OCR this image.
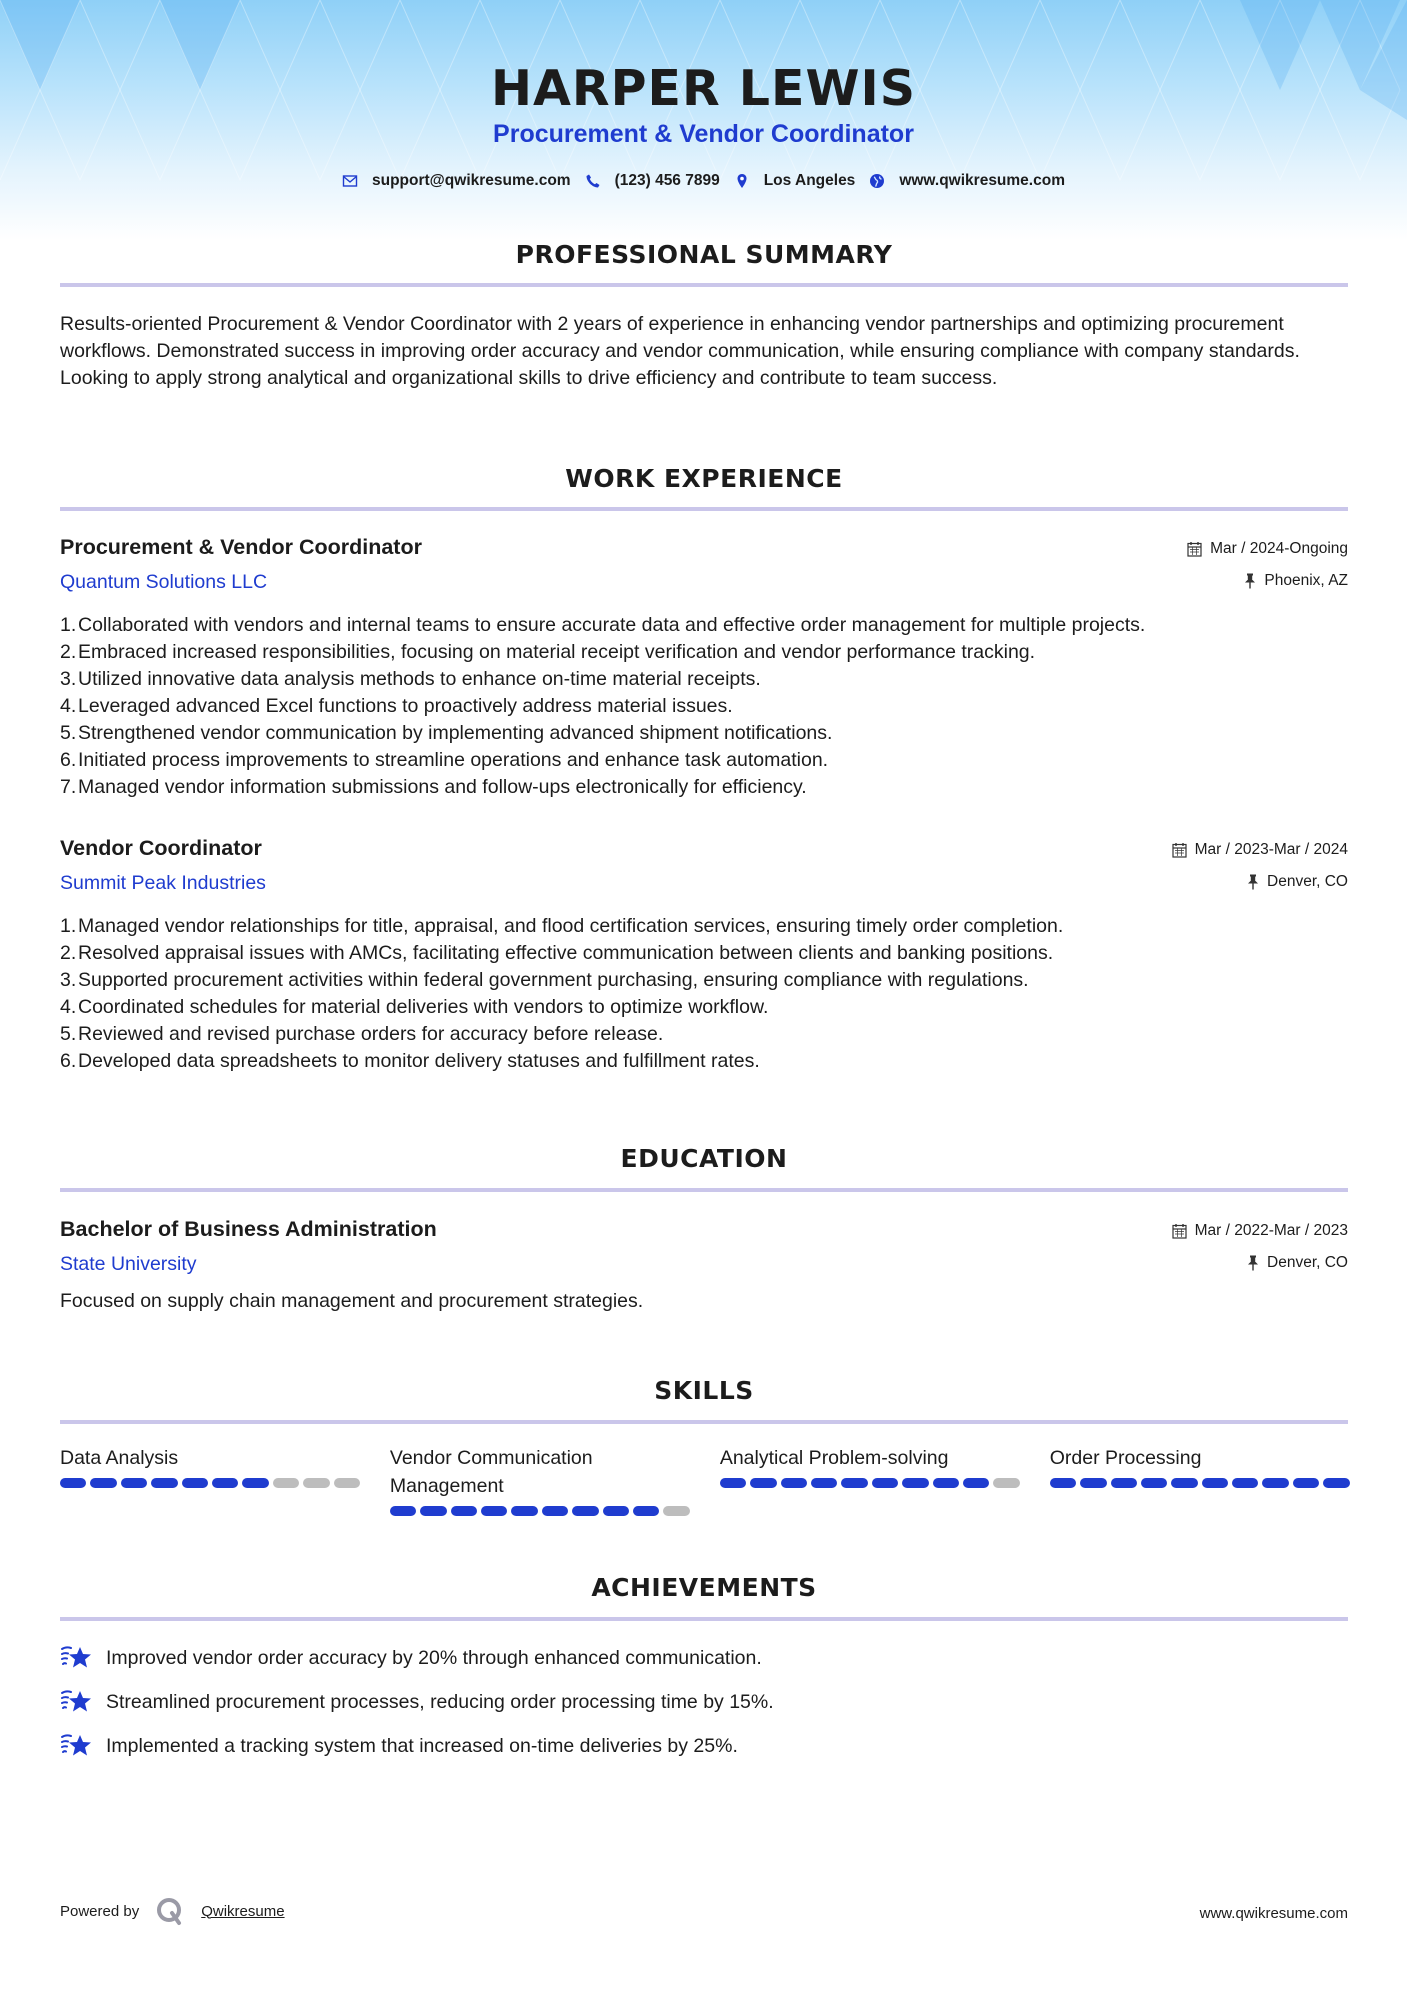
HARPER LEWIS
Procurement & Vendor Coordinator
support@qwikresume.com	(123) 456 7899	Los Angeles	www.qwikresume.com
PROFESSIONAL SUMMARY

Results-oriented Procurement & Vendor Coordinator with 2 years of experience in enhancing vendor partnerships and optimizing procurement workflows. Demonstrated success in improving order accuracy and vendor communication, while ensuring compliance with company standards. Looking to apply strong analytical and organizational skills to drive efficiency and contribute to team success.

WORK EXPERIENCE
Procurement & Vendor Coordinator
Quantum Solutions LLC
Mar / 2024-Ongoing
Phoenix, AZ
1. Collaborated with vendors and internal teams to ensure accurate data and effective order management for multiple projects.
2. Embraced increased responsibilities, focusing on material receipt verification and vendor performance tracking.
3. Utilized innovative data analysis methods to enhance on-time material receipts.
4. Leveraged advanced Excel functions to proactively address material issues.
5. Strengthened vendor communication by implementing advanced shipment notifications.
6. Initiated process improvements to streamline operations and enhance task automation.
7. Managed vendor information submissions and follow-ups electronically for efficiency.
Vendor Coordinator
Summit Peak Industries
Mar / 2023-Mar / 2024
Denver, CO
1. Managed vendor relationships for title, appraisal, and flood certification services, ensuring timely order completion.
2. Resolved appraisal issues with AMCs, facilitating effective communication between clients and banking positions.
3. Supported procurement activities within federal government purchasing, ensuring compliance with regulations.
4. Coordinated schedules for material deliveries with vendors to optimize workflow.
5. Reviewed and revised purchase orders for accuracy before release.
6. Developed data spreadsheets to monitor delivery statuses and fulfillment rates.
EDUCATION
Bachelor of Business Administration
State University
Mar / 2022-Mar / 2023
Denver, CO

Focused on supply chain management and procurement strategies.

SKILLS
Data Analysis	Vendor Communication Management
Analytical Problem-solving	Order Processing
ACHIEVEMENTS
Improved vendor order accuracy by 20% through enhanced communication.
Streamlined procurement processes, reducing order processing time by 15%.
Implemented a tracking system that increased on-time deliveries by 25%.
Powered by	Qwikresume	www.qwikresume.com
